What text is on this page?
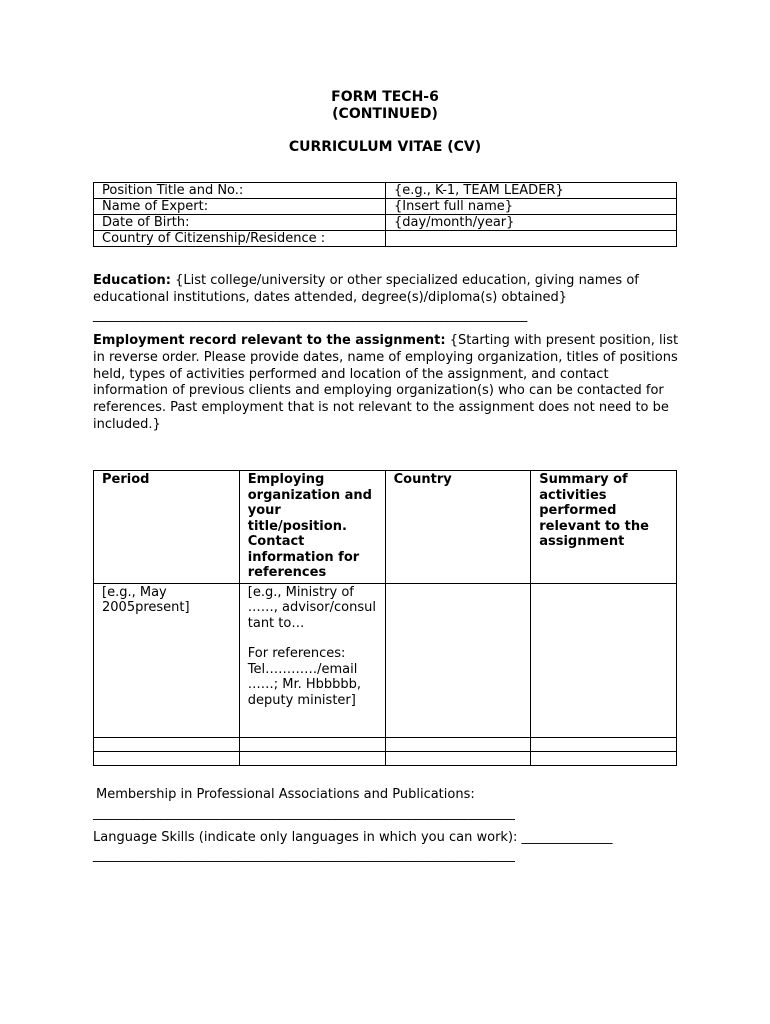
FORM TECH-6
(CONTINUED)
CURRICULUM VITAE (CV)
Position Title and No.:	{e.g., K-1, TEAM LEADER}
Name of Expert:	{Insert full name}
Date of Birth:	{day/month/year}
Country of Citizenship/Residence :	
Education: {List college/university or other specialized education, giving names of educational institutions, dates attended, degree(s)/diploma(s) obtained}
______________________________________________________________________
Employment record relevant to the assignment: {Starting with present position, list in reverse order. Please provide dates, name of employing organization, titles of positions held, types of activities performed and location of the assignment, and contact information of previous clients and employing organization(s) who can be contacted for references. Past employment that is not relevant to the assignment does not need to be included.}
Period	Employing organization and your title/position. Contact information for references	Country	Summary of activities performed relevant to the assignment
[e.g., May 2005present]	[e.g., Ministry of ……, advisor/consultant to…
For references: Tel…………/email ……; Mr. Hbbbbb, deputy minister]		

Membership in Professional Associations and Publications:
____________________________________________________________________
Language Skills (indicate only languages in which you can work): ______________
____________________________________________________________________
